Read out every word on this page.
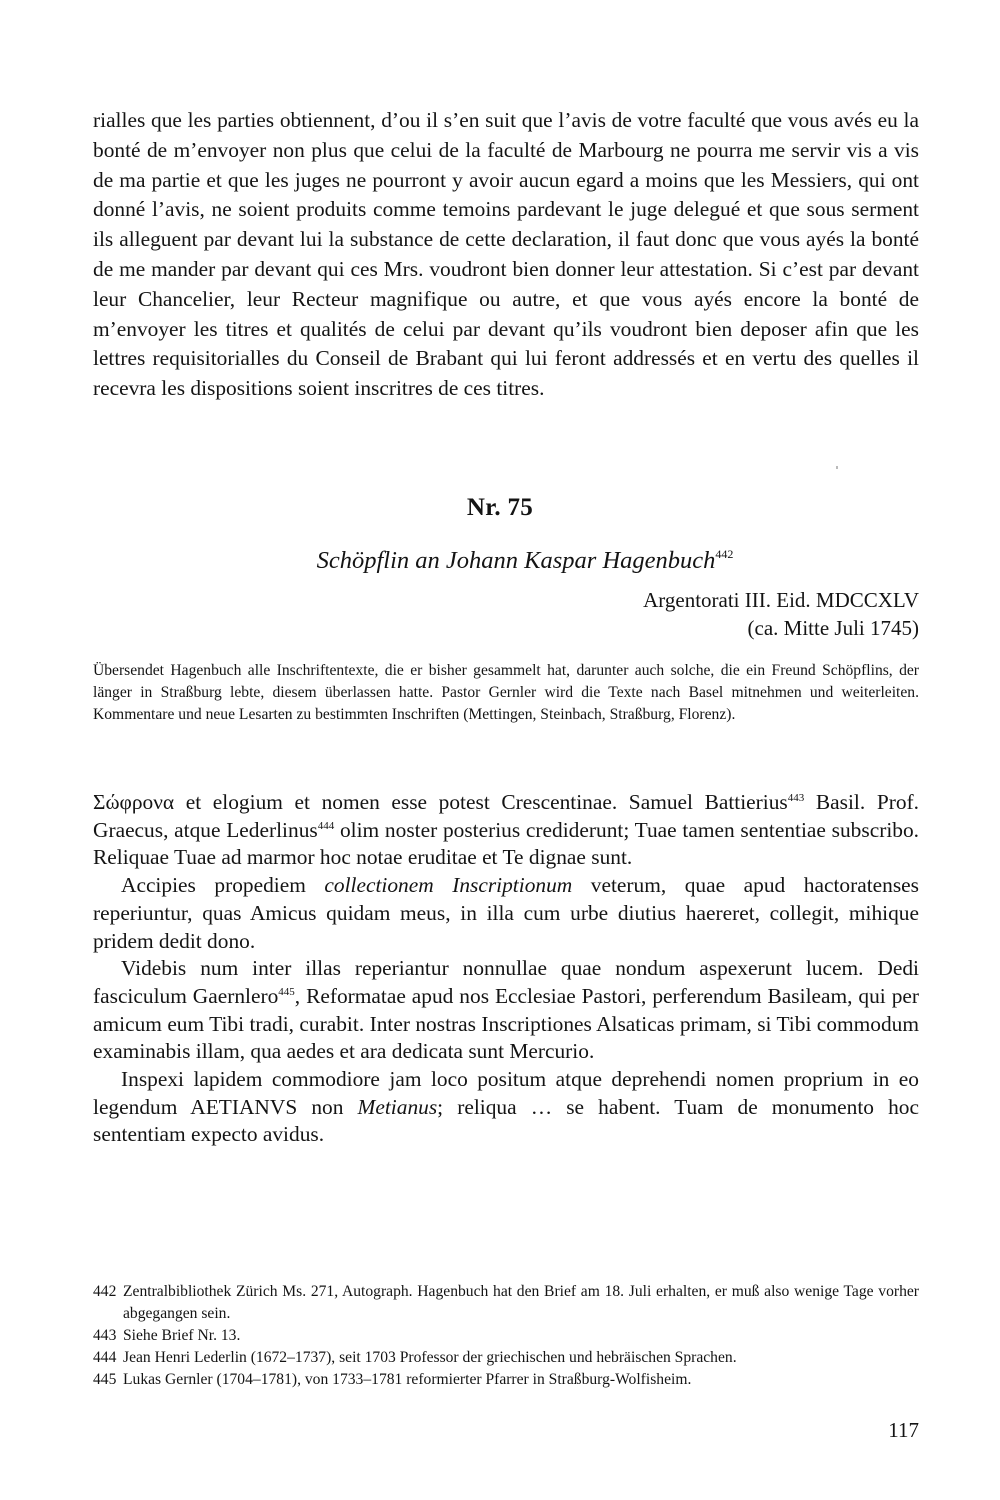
rialles que les parties obtiennent, d’ou il s’en suit que l’avis de votre faculté que vous avés eu la bonté de m’envoyer non plus que celui de la faculté de Marbourg ne pourra me servir vis a vis de ma partie et que les juges ne pourront y avoir aucun egard a moins que les Messiers, qui ont donné l’avis, ne soient produits comme temoins pardevant le juge delegué et que sous serment ils alleguent par devant lui la substance de cette declaration, il faut donc que vous ayés la bonté de me mander par devant qui ces Mrs. voudront bien donner leur attestation. Si c’est par devant leur Chancelier, leur Recteur magnifique ou autre, et que vous ayés encore la bonté de m’envoyer les titres et qualités de celui par devant qu’ils voudront bien deposer afin que les lettres requisitorialles du Conseil de Brabant qui lui feront addressés et en vertu des quelles il recevra les dispositions soient inscritres de ces titres.
Nr. 75
Schöpflin an Johann Kaspar Hagenbuch$^{442}$
Argentorati III. Eid. MDCCXLV
(ca. Mitte Juli 1745)
Übersendet Hagenbuch alle Inschriftentexte, die er bisher gesammelt hat, darunter auch solche, die ein Freund Schöpflins, der länger in Straßburg lebte, diesem überlassen hatte. Pastor Gernler wird die Texte nach Basel mitnehmen und weiterleiten. Kommentare und neue Lesarten zu bestimmten Inschriften (Mettingen, Steinbach, Straßburg, Florenz).

Σώφρονα et elogium et nomen esse potest Crescentinae. Samuel Battierius$^{443}$ Basil. Prof. Graecus, atque Lederlinus$^{444}$ olim noster posterius crediderunt; Tuae tamen sententiae subscribo. Reliquae Tuae ad marmor hoc notae eruditae et Te dignae sunt.

Accipies propediem collectionem Inscriptionum veterum, quae apud hactoratenses reperiuntur, quas Amicus quidam meus, in illa cum urbe diutius haereret, collegit, mihique pridem dedit dono.

Videbis num inter illas reperiantur nonnullae quae nondum aspexerunt lucem. Dedi fasciculum Gaernlero$^{445}$, Reformatae apud nos Ecclesiae Pastori, perferendum Basileam, qui per amicum eum Tibi tradi, curabit. Inter nostras Inscriptiones Alsaticas primam, si Tibi commodum examinabis illam, qua aedes et ara dedicata sunt Mercurio.

Inspexi lapidem commodiore jam loco positum atque deprehendi nomen proprium in eo legendum AETIANVS non Metianus; reliqua … se habent. Tuam de monumento hoc sententiam expecto avidus.

442 Zentralbibliothek Zürich Ms. 271, Autograph. Hagenbuch hat den Brief am 18. Juli erhalten, er muß also wenige Tage vorher abgegangen sein.
443 Siehe Brief Nr. 13.
444 Jean Henri Lederlin (1672–1737), seit 1703 Professor der griechischen und hebräischen Sprachen.
445 Lukas Gernler (1704–1781), von 1733–1781 reformierter Pfarrer in Straßburg-Wolfisheim.
117
